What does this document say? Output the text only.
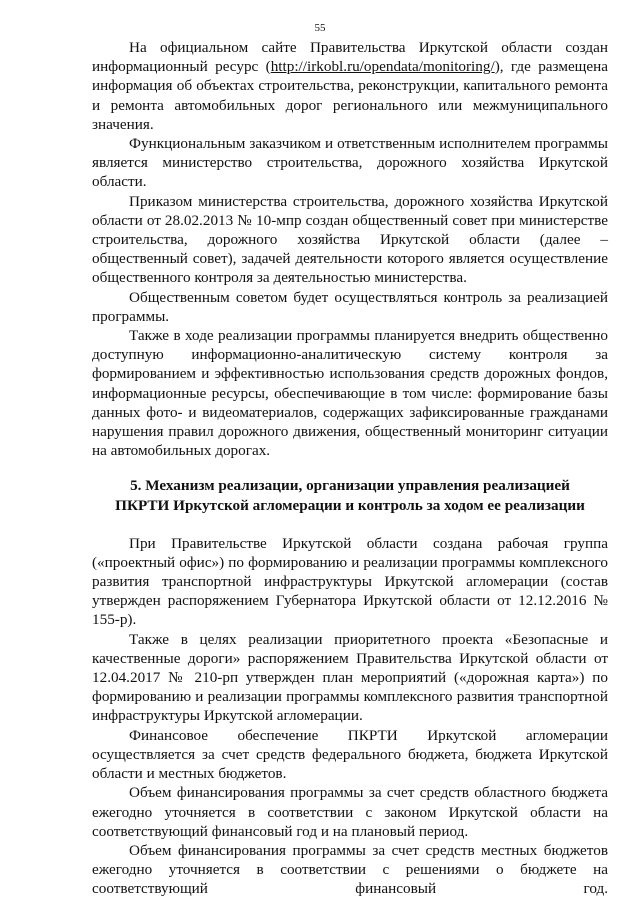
55

На официальном сайте Правительства Иркутской области создан информационный ресурс (http://irkobl.ru/opendata/monitoring/), где размещена информация об объектах строительства, реконструкции, капитального ремонта и ремонта автомобильных дорог регионального или межмуниципального значения.

Функциональным заказчиком и ответственным исполнителем программы является министерство строительства, дорожного хозяйства Иркутской области.

Приказом министерства строительства, дорожного хозяйства Иркутской области от 28.02.2013 № 10-мпр создан общественный совет при министерстве строительства, дорожного хозяйства Иркутской области (далее – общественный совет), задачей деятельности которого является осуществление общественного контроля за деятельностью министерства.

Общественным советом будет осуществляться контроль за реализацией программы.

Также в ходе реализации программы планируется внедрить общественно доступную информационно-аналитическую систему контроля за формированием и эффективностью использования средств дорожных фондов, информационные ресурсы, обеспечивающие в том числе: формирование базы данных фото- и видеоматериалов, содержащих зафиксированные гражданами нарушения правил дорожного движения, общественный мониторинг ситуации на автомобильных дорогах.

5. Механизм реализации, организации управления реализацией
ПКРТИ Иркутской агломерации и контроль за ходом ее реализации

При Правительстве Иркутской области создана рабочая группа («проектный офис») по формированию и реализации программы комплексного развития транспортной инфраструктуры Иркутской агломерации (состав утвержден распоряжением Губернатора Иркутской области от 12.12.2016 № 155-р).

Также в целях реализации приоритетного проекта «Безопасные и качественные дороги» распоряжением Правительства Иркутской области от 12.04.2017 № 210-рп утвержден план мероприятий («дорожная карта») по формированию и реализации программы комплексного развития транспортной инфраструктуры Иркутской агломерации.

Финансовое обеспечение ПКРТИ Иркутской агломерации осуществляется за счет средств федерального бюджета, бюджета Иркутской области и местных бюджетов.

Объем финансирования программы за счет средств областного бюджета ежегодно уточняется в соответствии с законом Иркутской области на соответствующий финансовый год и на плановый период.

Объем финансирования программы за счет средств местных бюджетов ежегодно уточняется в соответствии с решениями о бюджете на соответствующий финансовый год.
